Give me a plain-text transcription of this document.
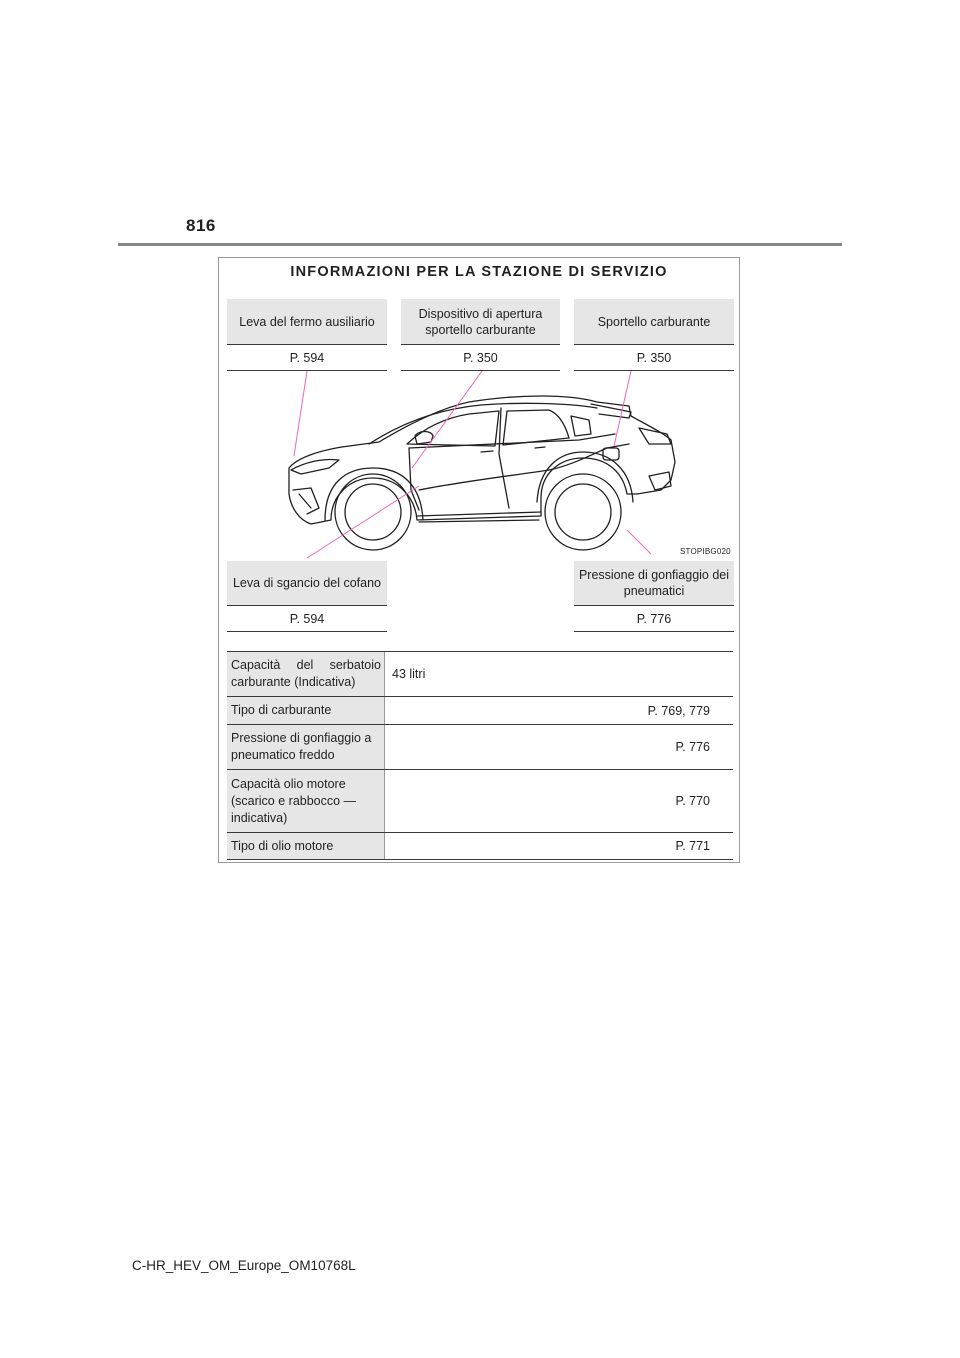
816
INFORMAZIONI PER LA STAZIONE DI SERVIZIO
Leva del fermo ausiliario
P. 594
Dispositivo di apertura sportello carburante
P. 350
Sportello carburante
P. 350
STOPIBG020
Leva di sgancio del cofano
P. 594
Pressione di gonfiaggio dei pneumatici
P. 776
Capacità del serbatoio carburante (Indicativa)
43 litri
Tipo di carburante	P. 769, 779
Pressione di gonfiaggio a pneumatico freddo
P. 776
Capacità olio motore (scarico e rabbocco — indicativa)
P. 770
Tipo di olio motore	P. 771
C-HR_HEV_OM_Europe_OM10768L
